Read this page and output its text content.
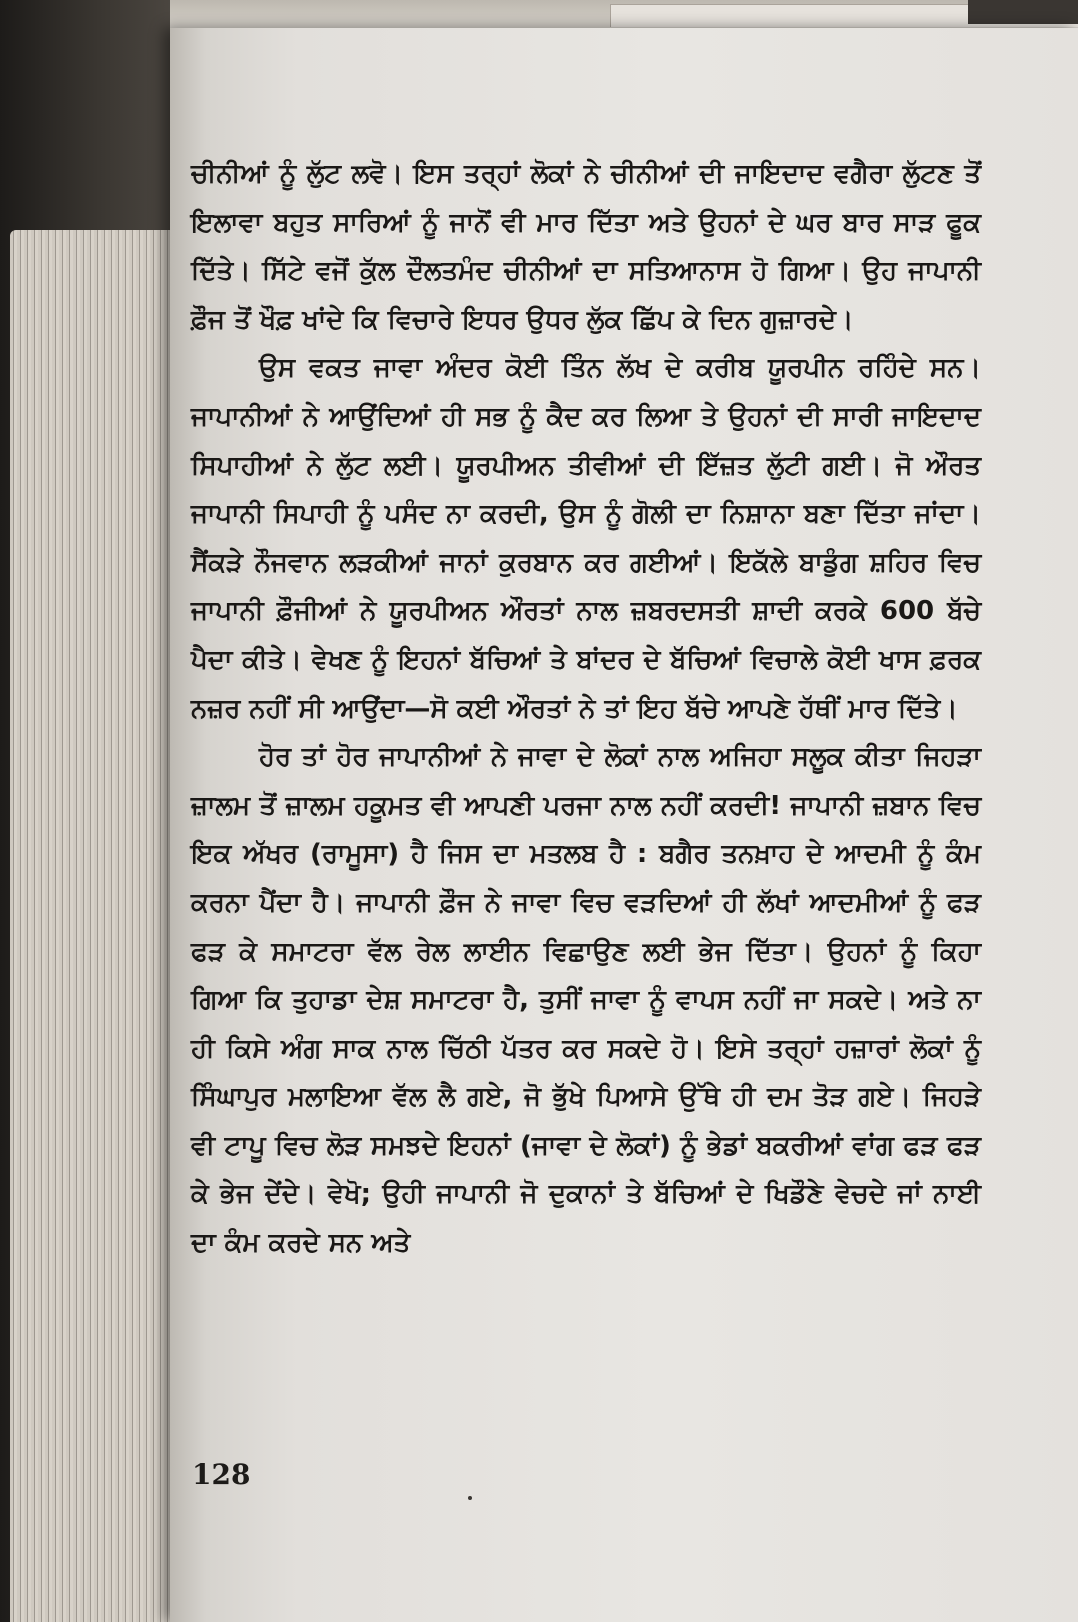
ਚੀਨੀਆਂ ਨੂੰ ਲੁੱਟ ਲਵੋ। ਇਸ ਤਰ੍ਹਾਂ ਲੋਕਾਂ ਨੇ ਚੀਨੀਆਂ ਦੀ ਜਾਇਦਾਦ ਵਗੈਰਾ ਲੁੱਟਣ ਤੋਂ ਇਲਾਵਾ ਬਹੁਤ ਸਾਰਿਆਂ ਨੂੰ ਜਾਨੋਂ ਵੀ ਮਾਰ ਦਿੱਤਾ ਅਤੇ ਉਹਨਾਂ ਦੇ ਘਰ ਬਾਰ ਸਾੜ ਫੂਕ ਦਿੱਤੇ। ਸਿੱਟੇ ਵਜੋਂ ਕੁੱਲ ਦੌਲਤਮੰਦ ਚੀਨੀਆਂ ਦਾ ਸਤਿਆਨਾਸ ਹੋ ਗਿਆ। ਉਹ ਜਾਪਾਨੀ ਫ਼ੌਜ ਤੋਂ ਖੌਫ਼ ਖਾਂਦੇ ਕਿ ਵਿਚਾਰੇ ਇਧਰ ਉਧਰ ਲੁੱਕ ਛਿੱਪ ਕੇ ਦਿਨ ਗੁਜ਼ਾਰਦੇ।

ਉਸ ਵਕਤ ਜਾਵਾ ਅੰਦਰ ਕੋਈ ਤਿੰਨ ਲੱਖ ਦੇ ਕਰੀਬ ਯੂਰਪੀਨ ਰਹਿੰਦੇ ਸਨ। ਜਾਪਾਨੀਆਂ ਨੇ ਆਉਂਦਿਆਂ ਹੀ ਸਭ ਨੂੰ ਕੈਦ ਕਰ ਲਿਆ ਤੇ ਉਹਨਾਂ ਦੀ ਸਾਰੀ ਜਾਇਦਾਦ ਸਿਪਾਹੀਆਂ ਨੇ ਲੁੱਟ ਲਈ। ਯੂਰਪੀਅਨ ਤੀਵੀਆਂ ਦੀ ਇੱਜ਼ਤ ਲੁੱਟੀ ਗਈ। ਜੋ ਔਰਤ ਜਾਪਾਨੀ ਸਿਪਾਹੀ ਨੂੰ ਪਸੰਦ ਨਾ ਕਰਦੀ, ਉਸ ਨੂੰ ਗੋਲੀ ਦਾ ਨਿਸ਼ਾਨਾ ਬਣਾ ਦਿੱਤਾ ਜਾਂਦਾ। ਸੈਂਕੜੇ ਨੌਜਵਾਨ ਲੜਕੀਆਂ ਜਾਨਾਂ ਕੁਰਬਾਨ ਕਰ ਗਈਆਂ। ਇਕੱਲੇ ਬਾਡੁੰਗ ਸ਼ਹਿਰ ਵਿਚ ਜਾਪਾਨੀ ਫ਼ੌਜੀਆਂ ਨੇ ਯੂਰਪੀਅਨ ਔਰਤਾਂ ਨਾਲ ਜ਼ਬਰਦਸਤੀ ਸ਼ਾਦੀ ਕਰਕੇ 600 ਬੱਚੇ ਪੈਦਾ ਕੀਤੇ। ਵੇਖਣ ਨੂੰ ਇਹਨਾਂ ਬੱਚਿਆਂ ਤੇ ਬਾਂਦਰ ਦੇ ਬੱਚਿਆਂ ਵਿਚਾਲੇ ਕੋਈ ਖਾਸ ਫ਼ਰਕ ਨਜ਼ਰ ਨਹੀਂ ਸੀ ਆਉਂਦਾ—ਸੋ ਕਈ ਔਰਤਾਂ ਨੇ ਤਾਂ ਇਹ ਬੱਚੇ ਆਪਣੇ ਹੱਥੀਂ ਮਾਰ ਦਿੱਤੇ।

ਹੋਰ ਤਾਂ ਹੋਰ ਜਾਪਾਨੀਆਂ ਨੇ ਜਾਵਾ ਦੇ ਲੋਕਾਂ ਨਾਲ ਅਜਿਹਾ ਸਲੂਕ ਕੀਤਾ ਜਿਹੜਾ ਜ਼ਾਲਮ ਤੋਂ ਜ਼ਾਲਮ ਹਕੂਮਤ ਵੀ ਆਪਣੀ ਪਰਜਾ ਨਾਲ ਨਹੀਂ ਕਰਦੀ! ਜਾਪਾਨੀ ਜ਼ਬਾਨ ਵਿਚ ਇਕ ਅੱਖਰ (ਰਾਮੂਸਾ) ਹੈ ਜਿਸ ਦਾ ਮਤਲਬ ਹੈ : ਬਗੈਰ ਤਨਖ਼ਾਹ ਦੇ ਆਦਮੀ ਨੂੰ ਕੰਮ ਕਰਨਾ ਪੈਂਦਾ ਹੈ। ਜਾਪਾਨੀ ਫ਼ੌਜ ਨੇ ਜਾਵਾ ਵਿਚ ਵੜਦਿਆਂ ਹੀ ਲੱਖਾਂ ਆਦਮੀਆਂ ਨੂੰ ਫੜ ਫੜ ਕੇ ਸਮਾਟਰਾ ਵੱਲ ਰੇਲ ਲਾਈਨ ਵਿਛਾਉਣ ਲਈ ਭੇਜ ਦਿੱਤਾ। ਉਹਨਾਂ ਨੂੰ ਕਿਹਾ ਗਿਆ ਕਿ ਤੁਹਾਡਾ ਦੇਸ਼ ਸਮਾਟਰਾ ਹੈ, ਤੁਸੀਂ ਜਾਵਾ ਨੂੰ ਵਾਪਸ ਨਹੀਂ ਜਾ ਸਕਦੇ। ਅਤੇ ਨਾ ਹੀ ਕਿਸੇ ਅੰਗ ਸਾਕ ਨਾਲ ਚਿੱਠੀ ਪੱਤਰ ਕਰ ਸਕਦੇ ਹੋ। ਇਸੇ ਤਰ੍ਹਾਂ ਹਜ਼ਾਰਾਂ ਲੋਕਾਂ ਨੂੰ ਸਿੰਘਾਪੁਰ ਮਲਾਇਆ ਵੱਲ ਲੈ ਗਏ, ਜੋ ਭੁੱਖੇ ਪਿਆਸੇ ਉੱਥੇ ਹੀ ਦਮ ਤੋੜ ਗਏ। ਜਿਹੜੇ ਵੀ ਟਾਪੂ ਵਿਚ ਲੋੜ ਸਮਝਦੇ ਇਹਨਾਂ (ਜਾਵਾ ਦੇ ਲੋਕਾਂ) ਨੂੰ ਭੇਡਾਂ ਬਕਰੀਆਂ ਵਾਂਗ ਫੜ ਫੜ ਕੇ ਭੇਜ ਦੇਂਦੇ। ਵੇਖੋ; ਉਹੀ ਜਾਪਾਨੀ ਜੋ ਦੁਕਾਨਾਂ ਤੇ ਬੱਚਿਆਂ ਦੇ ਖਿਡੌਣੇ ਵੇਚਦੇ ਜਾਂ ਨਾਈ ਦਾ ਕੰਮ ਕਰਦੇ ਸਨ ਅਤੇ

128
